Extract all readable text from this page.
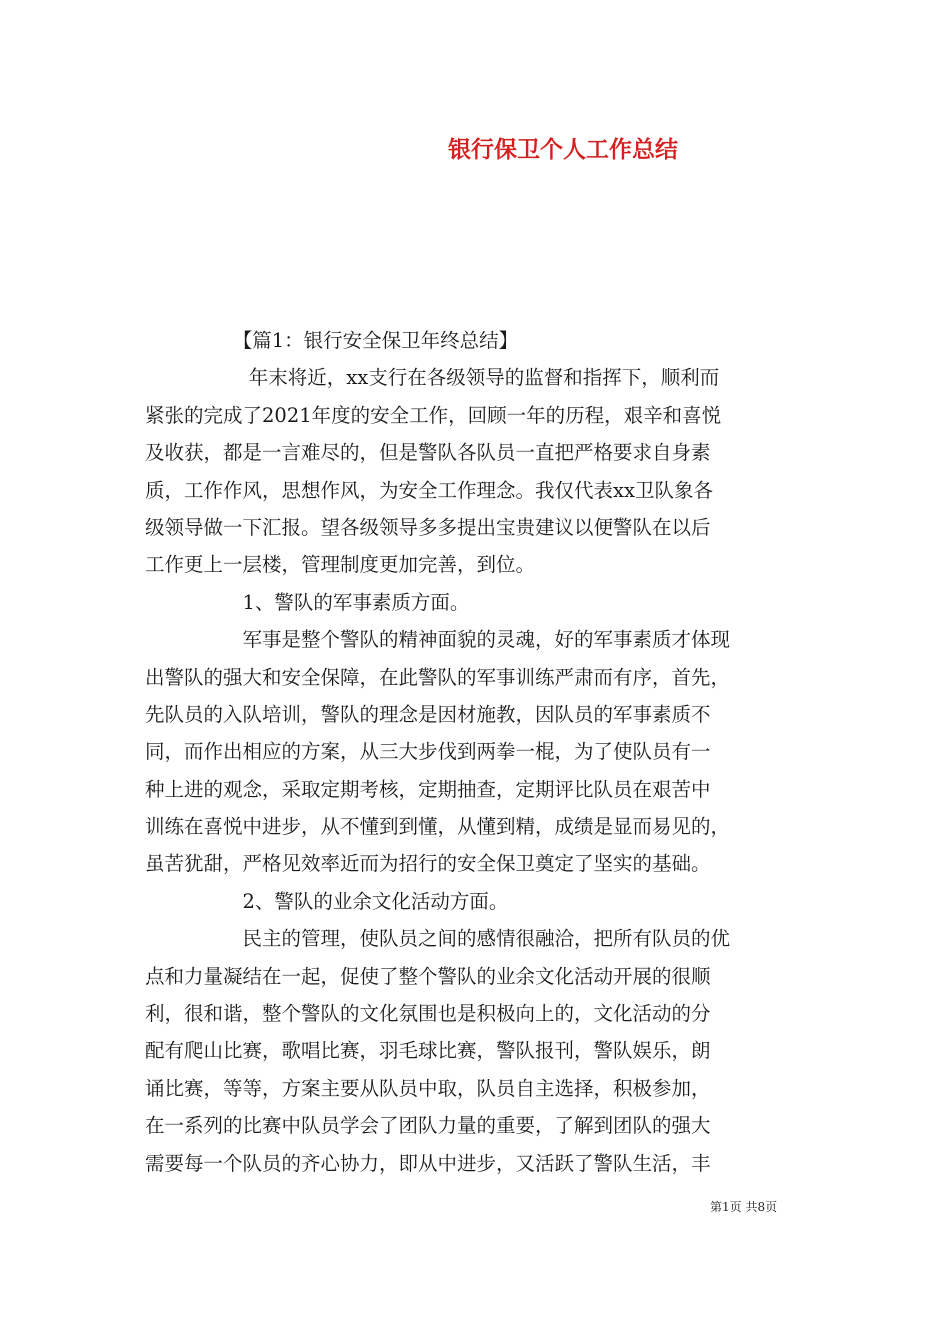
银行保卫个人工作总结
　　　　　【篇1：银行安全保卫年终总结】
　　　　　 年末将近，xx支行在各级领导的监督和指挥下，顺利而
紧张的完成了2021年度的安全工作，回顾一年的历程，艰辛和喜悦
及收获，都是一言难尽的，但是警队各队员一直把严格要求自身素
质，工作作风，思想作风，为安全工作理念。我仅代表xx卫队象各
级领导做一下汇报。望各级领导多多提出宝贵建议以便警队在以后
工作更上一层楼，管理制度更加完善，到位。
　　　　　1、警队的军事素质方面。
　　　　　军事是整个警队的精神面貌的灵魂，好的军事素质才体现
出警队的强大和安全保障，在此警队的军事训练严肃而有序，首先，
先队员的入队培训，警队的理念是因材施教，因队员的军事素质不
同，而作出相应的方案，从三大步伐到两拳一棍，为了使队员有一
种上进的观念，采取定期考核，定期抽查，定期评比队员在艰苦中
训练在喜悦中进步，从不懂到到懂，从懂到精，成绩是显而易见的，
虽苦犹甜，严格见效率近而为招行的安全保卫奠定了坚实的基础。
　　　　　2、警队的业余文化活动方面。
　　　　　民主的管理，使队员之间的感情很融洽，把所有队员的优
点和力量凝结在一起，促使了整个警队的业余文化活动开展的很顺
利，很和谐，整个警队的文化氛围也是积极向上的，文化活动的分
配有爬山比赛，歌唱比赛，羽毛球比赛，警队报刊，警队娱乐，朗
诵比赛，等等，方案主要从队员中取，队员自主选择，积极参加，
在一系列的比赛中队员学会了团队力量的重要，了解到团队的强大
需要每一个队员的齐心协力，即从中进步，又活跃了警队生活，丰
第1页 共8页
